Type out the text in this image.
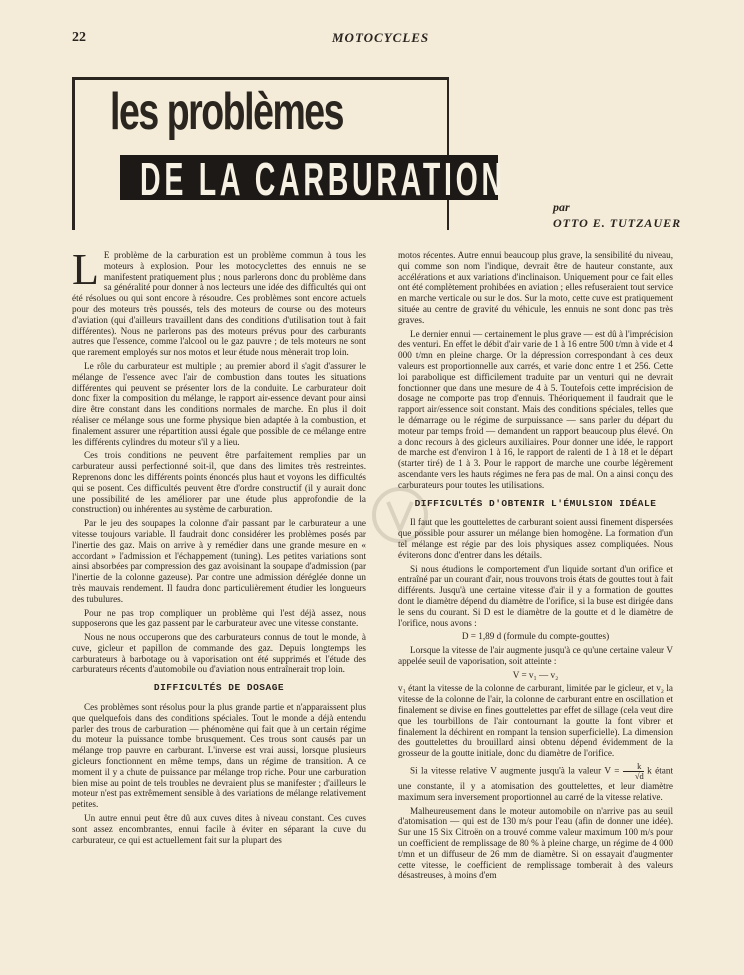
22	MOTOCYCLES
les problèmes
DE LA CARBURATION
par
OTTO E. TUTZAUER

L E problème de la carburation est un problème commun à tous les moteurs à explosion. Pour les motocyclettes des ennuis ne se manifestent pratiquement plus ; nous parlerons donc du problème dans sa généralité pour donner à nos lecteurs une idée des difficultés qui ont été résolues ou qui sont encore à résoudre. Ces problèmes sont encore actuels pour des moteurs très poussés, tels des moteurs de course ou des moteurs d'aviation (qui d'ailleurs travaillent dans des conditions d'utilisation tout à fait différentes). Nous ne parlerons pas des moteurs prévus pour des carburants autres que l'essence, comme l'alcool ou le gaz pauvre ; de tels moteurs ne sont que rarement employés sur nos motos et leur étude nous mènerait trop loin.

Le rôle du carburateur est multiple ; au premier abord il s'agit d'assurer le mélange de l'essence avec l'air de combustion dans toutes les situations différentes qui peuvent se présenter lors de la conduite. Le carburateur doit donc fixer la composition du mélange, le rapport air-essence devant pour ainsi dire être constant dans les conditions normales de marche. En plus il doit réaliser ce mélange sous une forme physique bien adaptée à la combustion, et finalement assurer une répartition aussi égale que possible de ce mélange entre les différents cylindres du moteur s'il y a lieu.

Ces trois conditions ne peuvent être parfaitement remplies par un carburateur aussi perfectionné soit-il, que dans des limites très restreintes. Reprenons donc les différents points énoncés plus haut et voyons les difficultés qui se posent. Ces difficultés peuvent être d'ordre constructif (il y aurait donc une possibilité de les améliorer par une étude plus approfondie de la construction) ou inhérentes au système de carburation.

Par le jeu des soupapes la colonne d'air passant par le carburateur a une vitesse toujours variable. Il faudrait donc considérer les problèmes posés par l'inertie des gaz. Mais on arrive à y remédier dans une grande mesure en « accordant » l'admission et l'échappement (tuning). Les petites variations sont ainsi absorbées par compression des gaz avoisinant la soupape d'admission (par l'inertie de la colonne gazeuse). Par contre une admission déréglée donne un très mauvais rendement. Il faudra donc particulièrement étudier les longueurs des tubulures.

Pour ne pas trop compliquer un problème qui l'est déjà assez, nous supposerons que les gaz passent par le carburateur avec une vitesse constante.

Nous ne nous occuperons que des carburateurs connus de tout le monde, à cuve, gicleur et papillon de commande des gaz. Depuis longtemps les carburateurs à barbotage ou à vaporisation ont été supprimés et l'étude des carburateurs récents d'automobile ou d'aviation nous entraînerait trop loin.

DIFFICULTÉS DE DOSAGE

Ces problèmes sont résolus pour la plus grande partie et n'apparaissent plus que quelquefois dans des conditions spéciales. Tout le monde a déjà entendu parler des trous de carburation — phénomène qui fait que à un certain régime du moteur la puissance tombe brusquement. Ces trous sont causés par un mélange trop pauvre en carburant. L'inverse est vrai aussi, lorsque plusieurs gicleurs fonctionnent en même temps, dans un régime de transition. A ce moment il y a chute de puissance par mélange trop riche. Pour une carburation bien mise au point de tels troubles ne devraient plus se manifester ; d'ailleurs le moteur n'est pas extrêmement sensible à des variations de mélange relativement petites.

Un autre ennui peut être dû aux cuves dites à niveau constant. Ces cuves sont assez encombrantes, ennui facile à éviter en séparant la cuve du carburateur, ce qui est actuellement fait sur la plupart des

motos récentes. Autre ennui beaucoup plus grave, la sensibilité du niveau, qui comme son nom l'indique, devrait être de hauteur constante, aux accélérations et aux variations d'inclinaison. Uniquement pour ce fait elles ont été complètement prohibées en aviation ; elles refuseraient tout service en marche verticale ou sur le dos. Sur la moto, cette cuve est pratiquement située au centre de gravité du véhicule, les ennuis ne sont donc pas très graves.

Le dernier ennui — certainement le plus grave — est dû à l'imprécision des venturi. En effet le débit d'air varie de 1 à 16 entre 500 t/mn à vide et 4 000 t/mn en pleine charge. Or la dépression correspondant à ces deux valeurs est proportionnelle aux carrés, et varie donc entre 1 et 256. Cette loi parabolique est difficilement traduite par un venturi qui ne devrait fonctionner que dans une mesure de 4 à 5. Toutefois cette imprécision de dosage ne comporte pas trop d'ennuis. Théoriquement il faudrait que le rapport air/essence soit constant. Mais des conditions spéciales, telles que le démarrage ou le régime de surpuissance — sans parler du départ du moteur par temps froid — demandent un rapport beaucoup plus élevé. On a donc recours à des gicleurs auxiliaires. Pour donner une idée, le rapport de marche est d'environ 1 à 16, le rapport de ralenti de 1 à 18 et le départ (starter tiré) de 1 à 3. Pour le rapport de marche une courbe légèrement ascendante vers les hauts régimes ne fera pas de mal. On a ainsi conçu des carburateurs pour toutes les utilisations.

DIFFICULTÉS D'OBTENIR L'ÉMULSION IDÉALE

Il faut que les gouttelettes de carburant soient aussi finement dispersées que possible pour assurer un mélange bien homogène. La formation d'un tel mélange est régie par des lois physiques assez compliquées. Nous éviterons donc d'entrer dans les détails.

Si nous étudions le comportement d'un liquide sortant d'un orifice et entraîné par un courant d'air, nous trouvons trois états de gouttes tout à fait différents. Jusqu'à une certaine vitesse d'air il y a formation de gouttes dont le diamètre dépend du diamètre de l'orifice, si la buse est dirigée dans le sens du courant. Si D est le diamètre de la goutte et d le diamètre de l'orifice, nous avons :

D = 1,89 d (formule du compte-gouttes)

Lorsque la vitesse de l'air augmente jusqu'à ce qu'une certaine valeur V appelée seuil de vaporisation, soit atteinte :

V = v₁ — v₂

v₁ étant la vitesse de la colonne de carburant, limitée par le gicleur, et v₂ la vitesse de la colonne de l'air, la colonne de carburant entre en oscillation et finalement se divise en fines gouttelettes par effet de sillage (cela veut dire que les tourbillons de l'air contournant la goutte la font vibrer et finalement la déchirent en rompant la tension superficielle). La dimension des gouttelettes du brouillard ainsi obtenu dépend évidemment de la grosseur de la goutte initiale, donc du diamètre de l'orifice.

Si la vitesse relative V augmente jusqu'à la valeur $V = \frac{k}{√d}$ k étant une constante, il y a atomisation des gouttelettes, et leur diamètre maximum sera inversement proportionnel au carré de la vitesse relative.

Malheureusement dans le moteur automobile on n'arrive pas au seuil d'atomisation — qui est de 130 m/s pour l'eau (afin de donner une idée). Sur une 15 Six Citroën on a trouvé comme valeur maximum 100 m/s pour un coefficient de remplissage de 80 % à pleine charge, un régime de 4 000 t/mn et un diffuseur de 26 mm de diamètre. Si on essayait d'augmenter cette vitesse, le coefficient de remplissage tomberait à des valeurs désastreuses, à moins d'em
